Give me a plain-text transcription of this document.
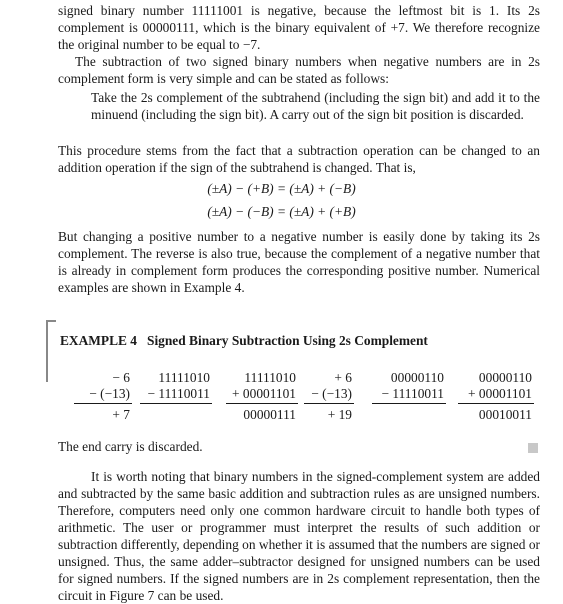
signed binary number 11111001 is negative, because the leftmost bit is 1. Its 2s complement is 00000111, which is the binary equivalent of +7. We therefore recognize the original number to be equal to −7.

The subtraction of two signed binary numbers when negative numbers are in 2s complement form is very simple and can be stated as follows:

Take the 2s complement of the subtrahend (including the sign bit) and add it to the minuend (including the sign bit). A carry out of the sign bit position is discarded.

This procedure stems from the fact that a subtraction operation can be changed to an addition operation if the sign of the subtrahend is changed. That is,

(±A) − (+B) = (±A) + (−B)
(±A) − (−B) = (±A) + (+B)

But changing a positive number to a negative number is easily done by taking its 2s complement. The reverse is also true, because the complement of a negative number that is already in complement form produces the corresponding positive number. Numerical examples are shown in Example 4.

EXAMPLE 4 Signed Binary Subtraction Using 2s Complement
− 6
− (−13)
+ 7
11111010
− 11110011
11111010
+ 00001101
00000111
+ 6
− (−13)
+ 19
00000110
− 11110011
00000110
+ 00001101
00010011
The end carry is discarded.

It is worth noting that binary numbers in the signed-complement system are added and subtracted by the same basic addition and subtraction rules as are unsigned numbers. Therefore, computers need only one common hardware circuit to handle both types of arithmetic. The user or programmer must interpret the results of such addition or subtraction differently, depending on whether it is assumed that the numbers are signed or unsigned. Thus, the same adder–subtractor designed for unsigned numbers can be used for signed numbers. If the signed numbers are in 2s complement representation, then the circuit in Figure 7 can be used.
